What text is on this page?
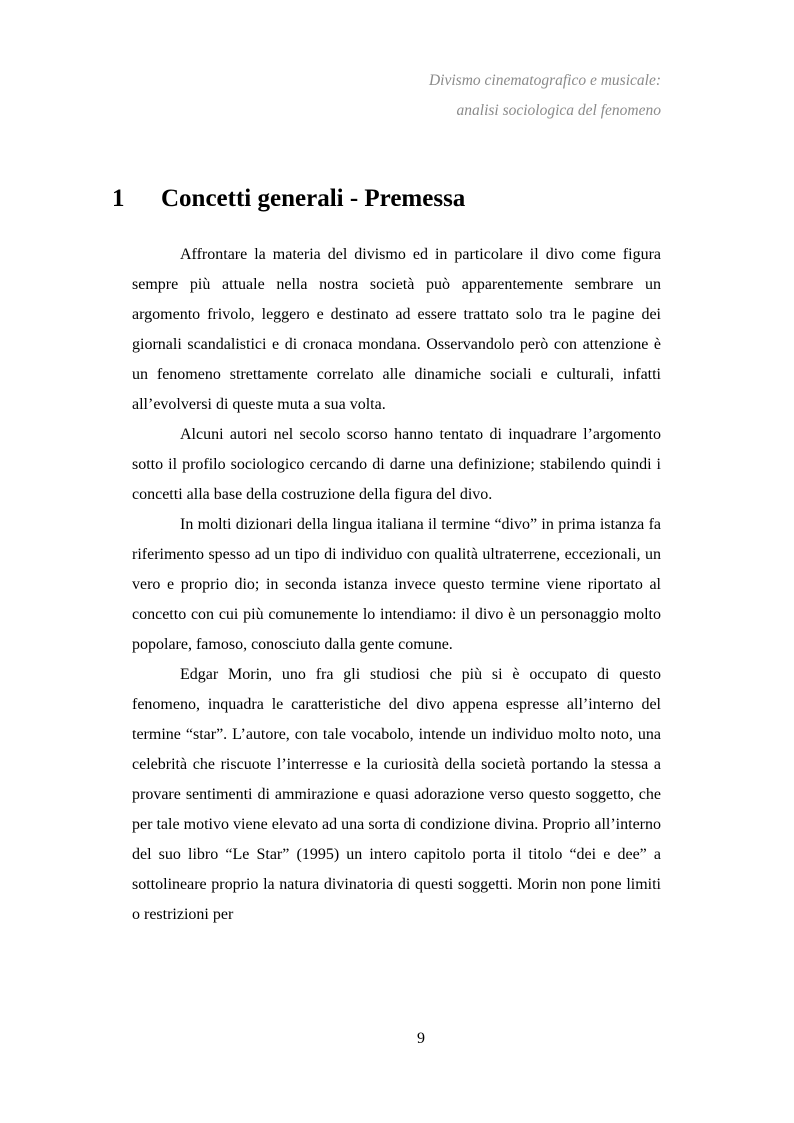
Divismo cinematografico e musicale:
analisi sociologica del fenomeno
1 Concetti generali - Premessa

Affrontare la materia del divismo ed in particolare il divo come figura sempre più attuale nella nostra società può apparentemente sembrare un argomento frivolo, leggero e destinato ad essere trattato solo tra le pagine dei giornali scandalistici e di cronaca mondana. Osservandolo però con attenzione è un fenomeno strettamente correlato alle dinamiche sociali e culturali, infatti all’evolversi di queste muta a sua volta.

Alcuni autori nel secolo scorso hanno tentato di inquadrare l’argomento sotto il profilo sociologico cercando di darne una definizione; stabilendo quindi i concetti alla base della costruzione della figura del divo.

In molti dizionari della lingua italiana il termine “divo” in prima istanza fa riferimento spesso ad un tipo di individuo con qualità ultraterrene, eccezionali, un vero e proprio dio; in seconda istanza invece questo termine viene riportato al concetto con cui più comunemente lo intendiamo: il divo è un personaggio molto popolare, famoso, conosciuto dalla gente comune.

Edgar Morin, uno fra gli studiosi che più si è occupato di questo fenomeno, inquadra le caratteristiche del divo appena espresse all’interno del termine “star”. L’autore, con tale vocabolo, intende un individuo molto noto, una celebrità che riscuote l’interresse e la curiosità della società portando la stessa a provare sentimenti di ammirazione e quasi adorazione verso questo soggetto, che per tale motivo viene elevato ad una sorta di condizione divina. Proprio all’interno del suo libro “Le Star” (1995) un intero capitolo porta il titolo “dei e dee” a sottolineare proprio la natura divinatoria di questi soggetti. Morin non pone limiti o restrizioni per

9
